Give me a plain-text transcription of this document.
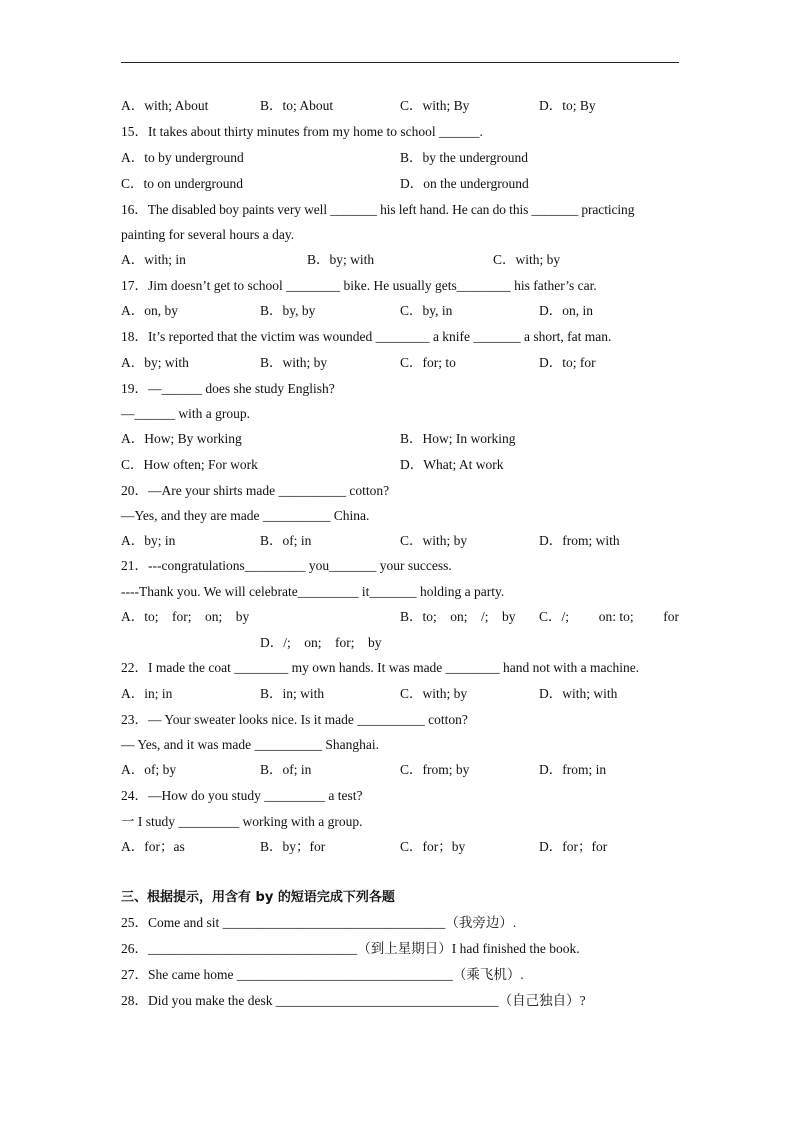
A．with; About	B．to; About	C．with; By	D．to; By
15．It takes about thirty minutes from my home to school ______.
A．to by underground	B．by the underground
C．to on underground	D．on the underground
16．The disabled boy paints very well _______ his left hand. He can do this _______ practicing
painting for several hours a day.
A．with; in	B．by; with	C．with; by
17．Jim doesn’t get to school ________ bike. He usually gets________ his father’s car.
A．on, by	B．by, by	C．by, in	D．on, in
18．It’s reported that the victim was wounded ________ a knife _______ a short, fat man.
A．by; with	B．with; by	C．for; to	D．to; for
19．—______ does she study English?
—______ with a group.
A．How; By working	B．How; In working
C．How often; For work	D．What; At work
20．—Are your shirts made __________ cotton?
—Yes, and they are made __________ China.
A．by; in	B．of; in	C．with; by	D．from; with
21．---congratulations_________ you_______ your success.
----Thank you. We will celebrate_________ it_______ holding a party.
A．to;　for;　on;　by	B．to;　on;　/;　by C．/; on: to; for
D．/;　on;　for;　by
22．I made the coat ________ my own hands. It was made ________ hand not with a machine.
A．in; in	B．in; with	C．with; by	D．with; with
23．— Your sweater looks nice. Is it made __________ cotton?
— Yes, and it was made __________ Shanghai.
A．of; by	B．of; in	C．from; by	D．from; in
24．—How do you study _________ a test?
一 I study _________ working with a group.
A．for；as	B．by；for	C．for；by	D．for；for
三、根据提示，用含有 by 的短语完成下列各题
25．Come and sit _________________________________（我旁边）.
26．_______________________________（到上星期日）I had finished the book.
27．She came home ________________________________（乘飞机）.
28．Did you make the desk _________________________________（自己独自）?
